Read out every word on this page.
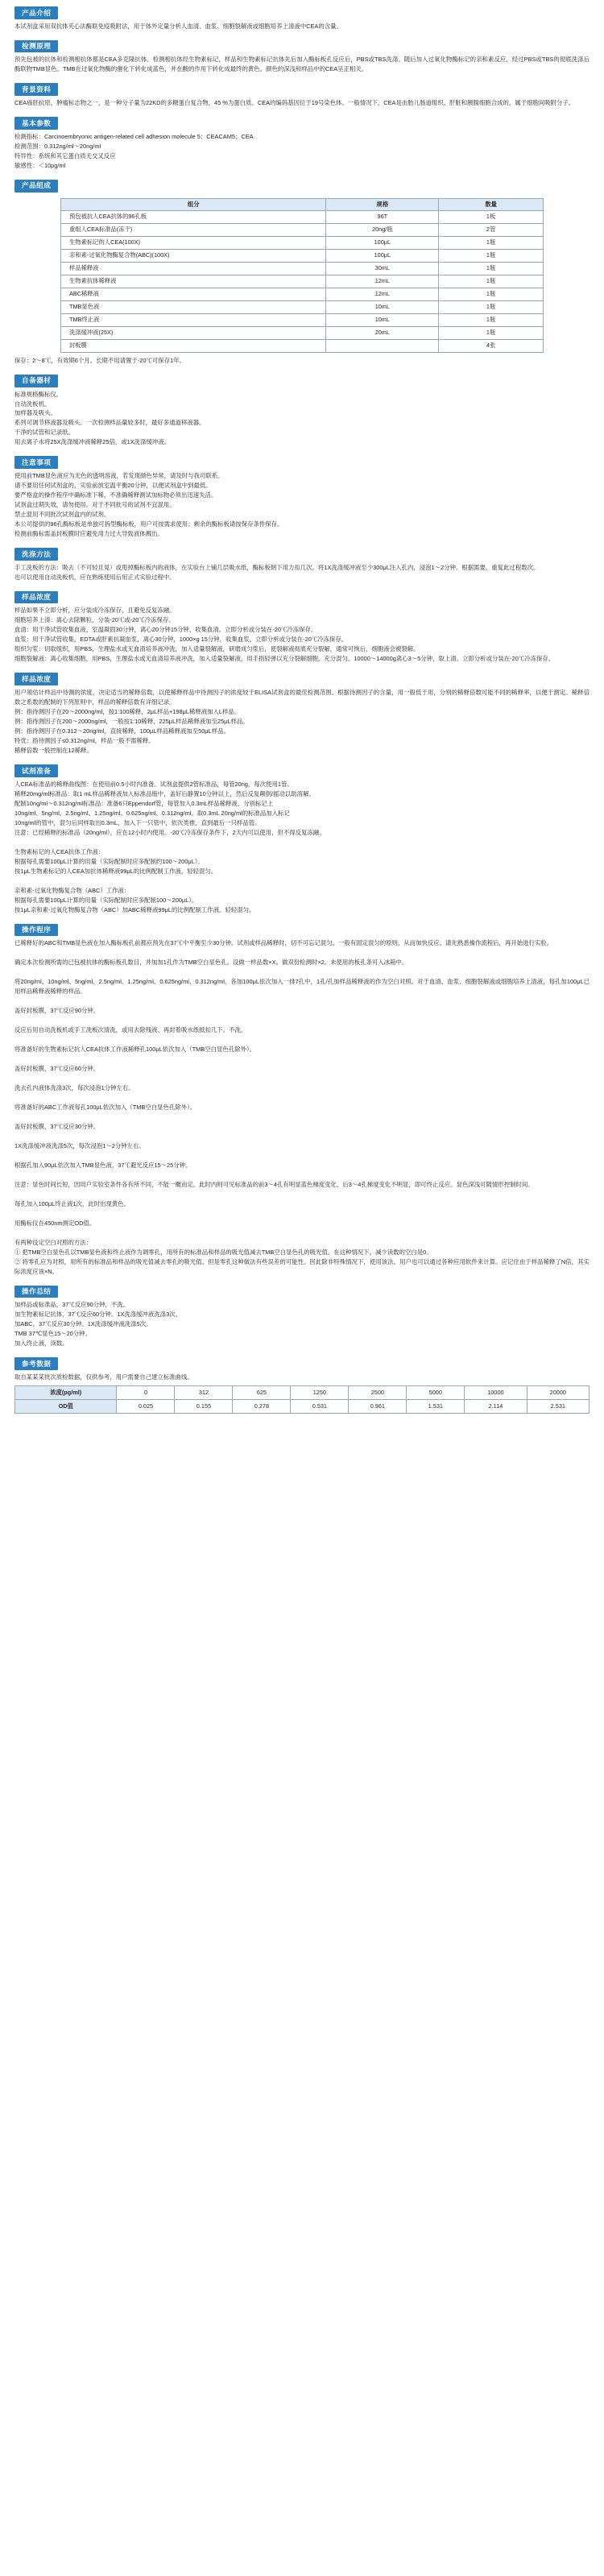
产品介绍

本试剂盒采用双抗体夹心法酶联免疫吸附法，用于体外定量分析人血清、血浆、细胞裂解液或细胞培养上清液中CEA的含量。

检测原理

预先包被的抗体和检测相抗体都是CEA多克隆抗体。检测相抗体经生物素标记，样品和生物素标记抗体先后加入酶标板孔反应后，PBS或TBS洗涤。随后加入过氧化物酶标记的亲和素反应，经过PBS或TBS的彻底洗涤后酶联物TMB显色。TMB在过氧化物酶的催化下转化成蓝色，并在酸的作用下转化成最终的黄色。颜色的深浅和样品中的CEA呈正相关。

背景资料

CEA癌胚抗原，肿瘤标志物之一，是一种分子量为22KD的多糖蛋白复合物，45 %为蛋白质。CEA的编码基因位于19号染色体。一般情况下，CEA是由胎儿肠道组织、肝脏和胰腺细胞合成的，属于细胞间吸附分子。

基本参数

检测指标：Carcinoembryonic antigen-related cell adhesion molecule 5；CEACAM5；CEA

检测范围：0.312ng/ml～20ng/ml

特异性：系统和其它蛋白质无交叉反应

敏感性：＜10pg/ml

产品组成
组分	规格	数量
预包被抗人CEA抗体的96孔板	96T	1板
重组人CEA标准品(冻干)	20ng/瓶	2管
生物素标记的人CEA(100X)	100μL	1瓶
亲和素-过氧化物酶复合物(ABC)(100X)	100μL	1瓶
样品稀释液	30mL	1瓶
生物素抗体稀释液	12mL	1瓶
ABC稀释液	12mL	1瓶
TMB显色液	10mL	1瓶
TMB终止液	10mL	1瓶
洗涤缓冲液(25X)	20mL	1瓶
封板膜		4张

保存：2～8℃，有效期6个月。长期不用请置于-20℃可保存1年。

自备器材

标准规格酶标仪。

自动洗板机。

加样器及吸头。

系列可调节移液器及吸头。一次检测样品量较多时，最好多通道移液器。

干净的试管和记录纸。

用去离子水将25X洗涤缓冲液稀释25倍，或1X洗涤缓冲液。

注意事项

使用前TMB显色液应为无色的透明溶液，若发现颜色异常，请及时与我司联系。

请不要用任何试剂盒的，实验前放室温平衡20分钟，以便试剂盒中到最低。

要严格盒的操作程序中确标准下稀，不准确稀释测试加标物必须出迅速失活。

试剂盒过期失效，请勿使用。对于不同批号的试剂不宜混用。

禁止混用不同批次试剂盒内的试剂。

本公司提供的96孔酶标板是单独可拆型酶标板，用户可按需求使用；剩余的酶标板请按保存条件保存。

检测前酶标需盖封板膜时应避免用力过大导致液体溅出。

洗涤方法

手工洗板的方法：吸去（不可轻且晃）或甩掉酶标板内的液体，在实验台上铺几层吸水纸，酶标板朝下用力扣几次。将1X洗涤缓冲液至少300μL注入孔内，浸泡1～2分钟。根据需要，重复此过程数次。

也可以使用自动洗板机，应在熟练使用后用正式实验过程中。

样品浓度

样品如果不立即分析，应分装成冷冻保存，且避免反复冻融。

细胞培养上清：离心去除颗粒，分装-20℃或-20℃冷冻保存。

血清：用干净试管收集血液，室温凝固30分钟，离心20分钟15分钟，收集血清。立即分析或分装在-20℃冷冻保存。

血浆：用干净试管收集，EDTA或肝素抗凝血浆，离心30分钟，1000×g 15分钟，收集血浆。立即分析或分装在-20℃冷冻保存。

组织匀浆：切取组织，用PBS，生理盐水或无血清培养液冲洗，加入适量裂解液，研磨成匀浆后，使裂解液彻底充分裂解，通常可恢后，细胞液会被裂解。

细胞裂解液：离心收集细胞，用PBS，生理盐水或无血清培养液冲洗，加入适量裂解液，用手指轻弹以充分裂解细胞，充分混匀。10000～14000g离心3～5分钟，取上清。立即分析或分装在-20℃冷冻保存。

样品浓度

用户须估计样品中待测的浓度，决定适当的稀释倍数，以使稀释样品中待测因子的浓度较于ELISA试剂盒的最佳检测范围。根据待测因子的含量，用一般低于用，分别的稀释倍数可能不同的稀释率，以便于测定。稀释倍数之系数的配制的下列原则中，样品的稀释倍数有详细记录。

例：指待测因子在20～2000ng/ml，按1:100稀释，2μL样品+198μL稀释液加入L样品。

例：指待测因子在200～2000ng/ml，一般按1:10稀释，225μL样品稀释液加至25μL样品。

例：指待测因子在0.312～20ng/ml，直接稀释，100μL样品稀释液加至50μL样品。

特优：指待测因子≤0.312ng/ml，样品一般不需稀释。

稀释倍数一般控制在12稀释。

试剂准备

人CEA标准品的稀释曲线图：在使用前0.5小时内准备。试剂盒提供2管标准品，每管20ng，每次使用1管。

稀释20mg/ml标准品：取1 mL样品稀释液加入标准品瓶中，盖好后静置10分钟以上，然后反复颠倒/摇动以助溶解。

配制10ng/ml～0.312ng/ml标准品：准备6只Eppendorf管，每管加入0.3mL样品稀释液，分别标记上

10ng/ml、5ng/ml、2.5ng/ml、1.25ng/ml、0.625ng/ml、0.312ng/ml。取0.3mL 20ng/ml的标准品加入标记

10ng/ml的管中，混匀后同样取出0.3mL，加入下一只管中，依次类推，直到最后一只样品管。

注意：已经稀释的标准品（20ng/ml），应在12小时内使用。-20℃冷冻保存条件下，2天内可以使用，但不得反复冻融。

生物素标记的人CEA抗体工作液：

根据每孔需要100μL计算的用量（实际配制时应多配制约100～200μL）。

按1μL生物素标记的人CEA加抗体稀释液99μL的比例配制工作液，轻轻混匀。

亲和素-过氧化物酶复合物（ABC）工作液：

根据每孔需要100μL计算的用量（实际配制时应多配制100～200μL）。

按1μL亲和素-过氧化物酶复合物（ABC）加ABC稀释液99μL的比例配制工作液。轻轻混匀。

操作程序

已稀释好的ABC和TMB显色液在加入酶标板孔前都应预先在37℃中平衡至少30分钟。试剂或样品稀释时，切不可忘记混匀。一般有固定混匀的原则，从而加快反应。请先熟悉操作流程后，再开始进行实验。

确定本次检测所需的已包被抗体的酶标板孔数目，并加加1孔作为TMB空白显色孔。设做一样品数×X。做双份检测时×2。未使用的板孔条可入冰箱中。

将20ng/ml、10ng/ml、5ng/ml、2.5ng/ml、1.25ng/ml、0.625ng/ml、0.312ng/ml，各加100μL依次加入一排7孔中，1孔/孔加样品稀释液的作为空白对照。对于血清、血浆、细胞裂解液或细胞培养上清液，每孔加100μL已用样品稀释液稀释的样品。

盖好封板膜，37℃反应90分钟。

反应后用自动洗板机或手工洗板次清洗，或用去除残液、再封着吸水纸抵扣几下。不洗。

将准备好的生物素标记抗人CEA抗体工作液稀释孔100μL依次加入（TMB空白显色孔除外）。

盖好封板膜，37℃反应60分钟。

洗去孔内液体洗涤3次，每次浸泡1分钟左右。

将准备好的ABC工作液每孔100μL依次加入（TMB空白显色孔除外）。

盖好封板膜，37℃反应30分钟。

1X洗涤缓冲液洗涤5次，每次浸泡1～2分钟左右。

根据孔加入90μL依次加入TMB显色液，37℃避光反应15～25分钟。

注意：显色时间长短，因用户实验室条件各有所不同，不能一概而定。此时内则可见标准品的前3～4孔有明显蓝色梯度变化，后3～4孔梯度变化不明显，即可终止反应。显色深浅可随情形控制时间。

每孔加入100μL终止液1次，此时出现黄色。

用酶标仪在450nm测定OD值。

有两种设定空白对照的方法：

① 把TMB空白显色孔以TMB显色液和终止液作为调零孔，用所有的标准品和样品的吸光值减去TMB空白显色孔的吸光值。在这种情况下，减少读数的空白是0。

② 将零孔应为对照，用所有的标准品和样品的吸光值减去零孔的吸光值。但是零孔这种做法有些误差的可能性。因此除非特殊情况下，使用该法。用户也可以通过各种应用软件来计算。应记住由于样品稀释了N倍，其实际浓度应该×N。

操作总结

加样品或标准品，37℃反应90分钟，不洗。

加生物素标记抗体，37℃反应60分钟。1X洗涤缓冲液洗涤3次。

加ABC，37℃反应30分钟。1X洗涤缓冲液洗涤5次。

TMB 37℃显色15～20分钟。

加入终止液，读数。

参考数据

取自某某某批次质检数据，仅供参考，用户需要自己建立标准曲线。

浓度(pg/ml)	0	312	625	1250	2500	5000	10000	20000
OD值	0.025	0.155	0.278	0.531	0.961	1.531	2.114	2.531
